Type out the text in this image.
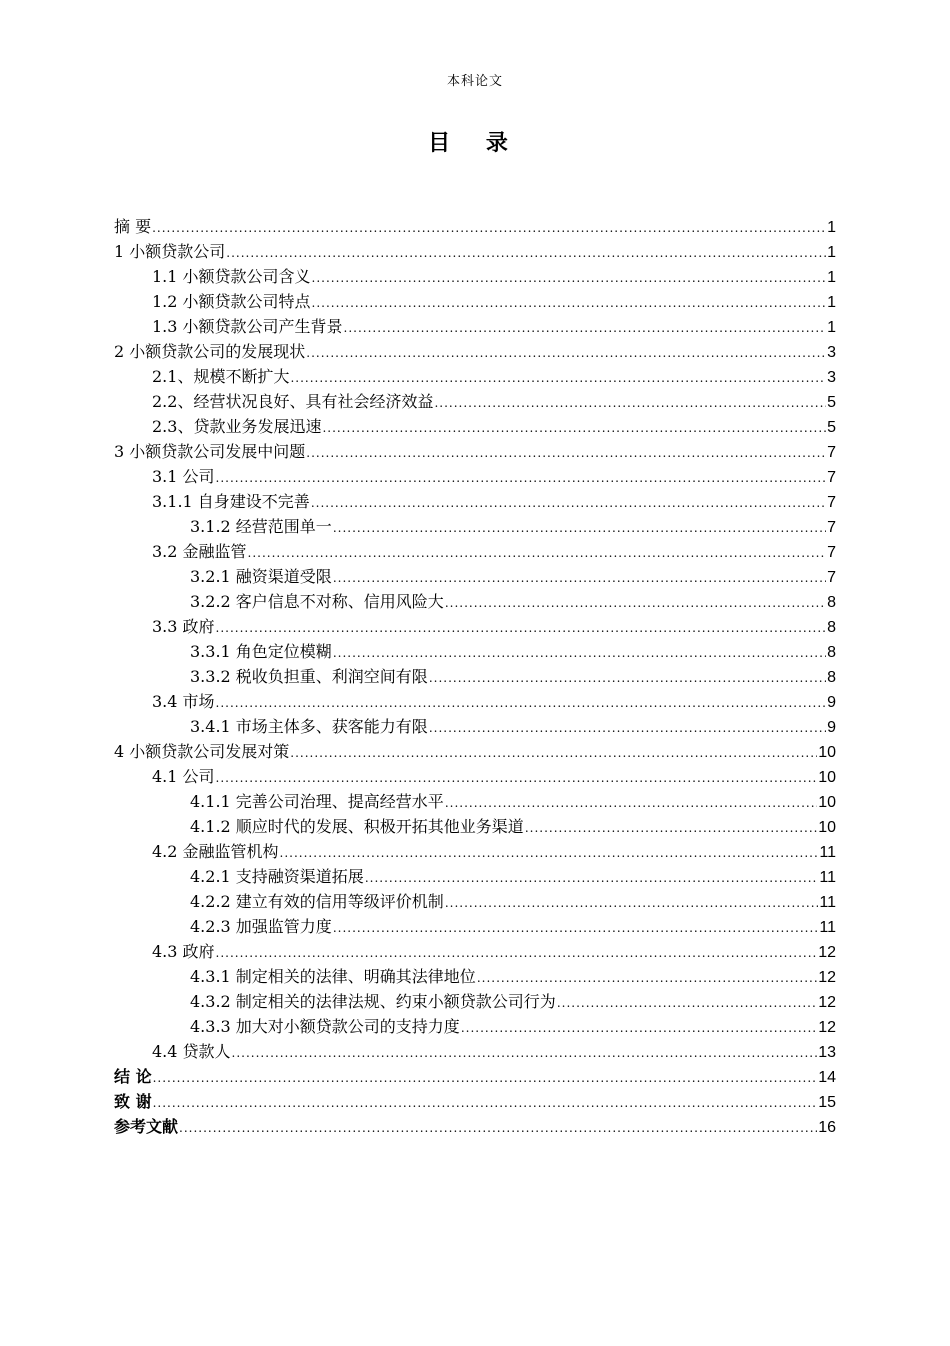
本科论文
目 录
摘 要 .....	1
1 小额贷款公司 .....	1
1.1 小额贷款公司含义 .....	1
1.2 小额贷款公司特点 .....	1
1.3 小额贷款公司产生背景 .....	1
2 小额贷款公司的发展现状 .....	3
2.1、规模不断扩大 .....	3
2.2、经营状况良好、具有社会经济效益 .....	5
2.3、贷款业务发展迅速 .....	5
3 小额贷款公司发展中问题 .....	7
3.1 公司 .....	7
3.1.1 自身建设不完善 .....	7
3.1.2 经营范围单一 .....	7
3.2 金融监管 .....	7
3.2.1 融资渠道受限 .....	7
3.2.2 客户信息不对称、信用风险大 .....	8
3.3 政府 .....	8
3.3.1 角色定位模糊 .....	8
3.3.2 税收负担重、利润空间有限 .....	8
3.4 市场 .....	9
3.4.1 市场主体多、获客能力有限 .....	9
4 小额贷款公司发展对策 .....	10
4.1 公司 .....	10
4.1.1 完善公司治理、提高经营水平 .....	10
4.1.2 顺应时代的发展、积极开拓其他业务渠道 .....	10
4.2 金融监管机构 .....	11
4.2.1 支持融资渠道拓展 .....	11
4.2.2 建立有效的信用等级评价机制 .....	11
4.2.3 加强监管力度 .....	11
4.3 政府 .....	12
4.3.1 制定相关的法律、明确其法律地位 .....	12
4.3.2 制定相关的法律法规、约束小额贷款公司行为 .....	12
4.3.3 加大对小额贷款公司的支持力度 .....	12
4.4 贷款人 .....	13
结 论 .....	14
致 谢 .....	15
参考文献 .....	16
